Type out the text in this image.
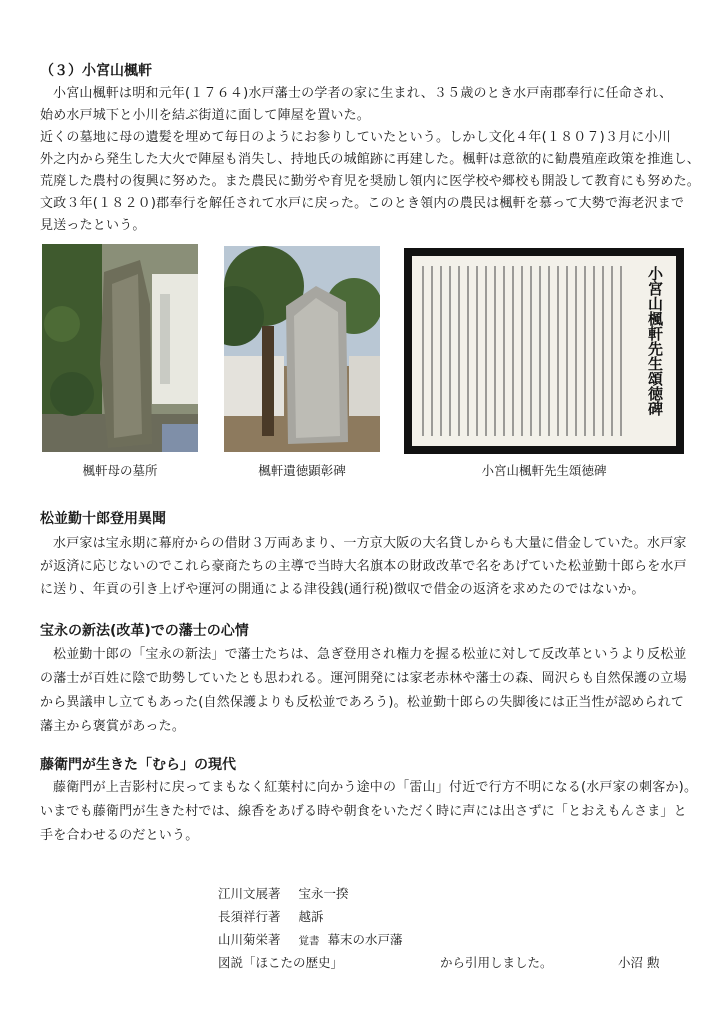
（３）小宮山楓軒

小宮山楓軒は明和元年(１７６４)水戸藩士の学者の家に生まれ、３５歳のとき水戸南郡奉行に任命され、

始め水戸城下と小川を結ぶ街道に面して陣屋を置いた。

近くの墓地に母の遺髪を埋めて毎日のようにお参りしていたという。しかし文化４年(１８０７)３月に小川

外之内から発生した大火で陣屋も消失し、持地氏の城館跡に再建した。楓軒は意欲的に勧農殖産政策を推進し、

荒廃した農村の復興に努めた。また農民に勤労や育児を奨励し領内に医学校や郷校も開設して教育にも努めた。

文政３年(１８２０)郡奉行を解任されて水戸に戻った。このとき領内の農民は楓軒を慕って大勢で海老沢まで

見送ったという。

小宮山楓軒先生頌徳碑
楓軒母の墓所	楓軒遺徳顕彰碑	小宮山楓軒先生頌徳碑

松並勤十郎登用異聞

水戸家は宝永期に幕府からの借財３万両あまり、一方京大阪の大名貸しからも大量に借金していた。水戸家

が返済に応じないのでこれら豪商たちの主導で当時大名旗本の財政改革で名をあげていた松並勤十郎らを水戸

に送り、年貢の引き上げや運河の開通による津役銭(通行税)徴収で借金の返済を求めたのではないか。

宝永の新法(改革)での藩士の心情

松並勤十郎の「宝永の新法」で藩士たちは、急ぎ登用され権力を握る松並に対して反改革というより反松並

の藩士が百姓に陰で助勢していたとも思われる。運河開発には家老赤林や藩士の森、岡沢らも自然保護の立場

から異議申し立てもあった(自然保護よりも反松並であろう)。松並勤十郎らの失脚後には正当性が認められて

藩主から褒賞があった。

藤衛門が生きた「むら」の現代

藤衛門が上吉影村に戻ってまもなく紅葉村に向かう途中の「雷山」付近で行方不明になる(水戸家の刺客か)。

いまでも藤衛門が生きた村では、線香をあげる時や朝食をいただく時に声には出さずに「とおえもんさま」と

手を合わせるのだという。

江川文展著 宝永一揆
長須祥行著 越訴
山川菊栄著 覚書 幕末の水戸藩
図説「ほこたの歴史」	から引用しました。	小沼 勲
